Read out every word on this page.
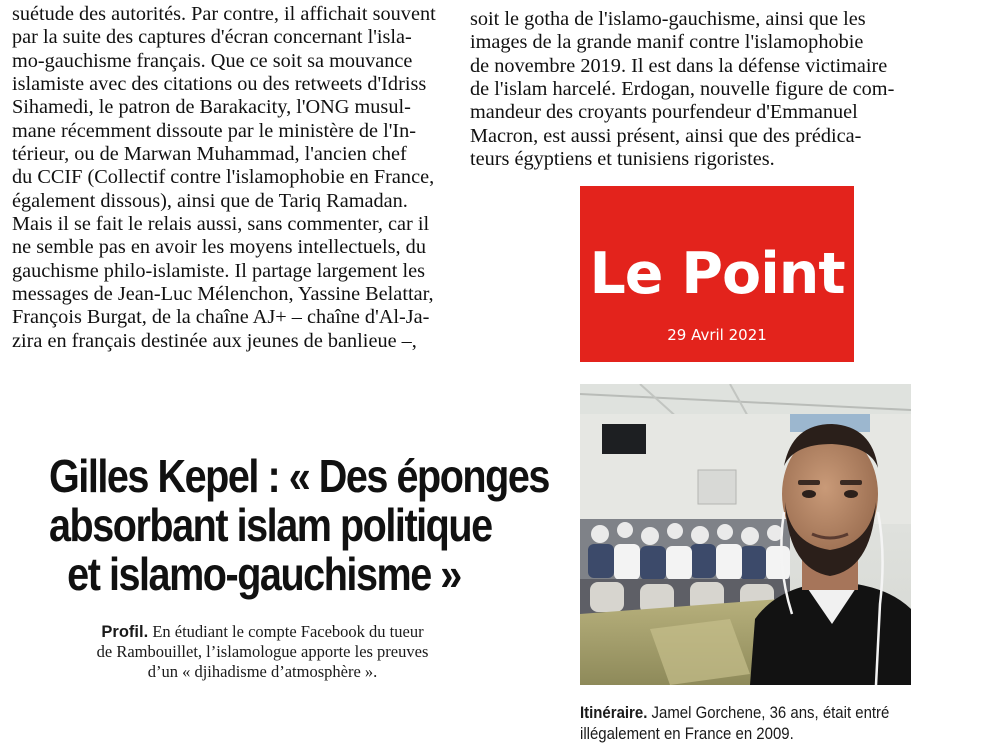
suétude des autorités. Par contre, il affichait souvent
par la suite des captures d'écran concernant l'isla-
mo-gauchisme français. Que ce soit sa mouvance
islamiste avec des citations ou des retweets d'Idriss
Sihamedi, le patron de Barakacity, l'ONG musul-
mane récemment dissoute par le ministère de l'In-
térieur, ou de Marwan Muhammad, l'ancien chef
du CCIF (Collectif contre l'islamophobie en France,
également dissous), ainsi que de Tariq Ramadan.
Mais il se fait le relais aussi, sans commenter, car il
ne semble pas en avoir les moyens intellectuels, du
gauchisme philo-islamiste. Il partage largement les
messages de Jean-Luc Mélenchon, Yassine Belattar,
François Burgat, de la chaîne AJ+ – chaîne d'Al-Ja-
zira en français destinée aux jeunes de banlieue –,
soit le gotha de l'islamo-gauchisme, ainsi que les
images de la grande manif contre l'islamophobie
de novembre 2019. Il est dans la défense victimaire
de l'islam harcelé. Erdogan, nouvelle figure de com-
mandeur des croyants pourfendeur d'Emmanuel
Macron, est aussi présent, ainsi que des prédica-
teurs égyptiens et tunisiens rigoristes.
Le Point
29 Avril 2021
Gilles Kepel : « Des éponges
absorbant islam politique
et islamo-gauchisme »

Profil. En étudiant le compte Facebook du tueur
de Rambouillet, l’islamologue apporte les preuves
d’un « djihadisme d’atmosphère ».

Itinéraire. Jamel Gorchene, 36 ans, était entré
illégalement en France en 2009.
